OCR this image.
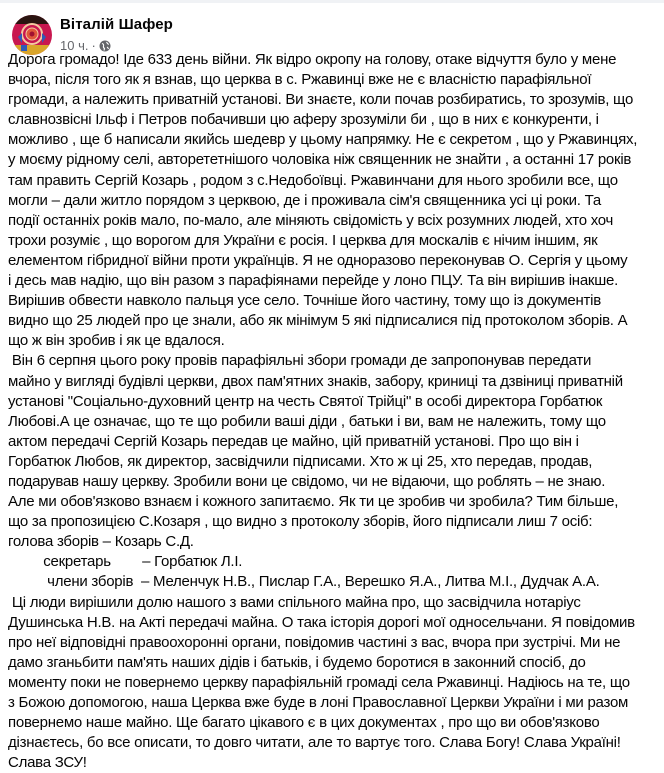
Віталій Шафер
10 ч. ·

Дорога громадо! Іде 633 день війни. Як відро окропу на голову, отаке відчуття було у мене

вчора, після того як я взнав, що церква в с. Ржавинці вже не є власністю парафіяльної

громади, а належить приватній установі. Ви знаєте, коли почав розбиратись, то зрозумів, що

славнозвісні Ільф і Петров побачивши цю аферу зрозуміли би , що в них є конкуренти, і

можливо , ще б написали якийсь шедевр у цьому напрямку. Не є секретом , що у Ржавинцях,

у моєму рідному селі, авторететнішого чоловіка ніж священник не знайти , а останні 17 років

там править Сергій Козарь , родом з с.Недобоївці. Ржавинчани для нього зробили все, що

могли – дали житло порядом з церквою, де і проживала сім'я священника усі ці роки. Та

події останніх років мало, по-мало, але міняють свідомість у всіх розумних людей, хто хоч

трохи розуміє , що ворогом для України є росія. І церква для москалів є нічим іншим, як

елементом гібридної війни проти українців. Я не одноразово переконував О. Сергія у цьому

і десь мав надію, що він разом з парафіянами перейде у лоно ПЦУ. Та він вирішив інакше.

Вирішив обвести навколо пальця усе село. Точніше його частину, тому що із документів

видно що 25 людей про це знали, або як мінімум 5 які підписалися під протоколом зборів. А

що ж він зробив і як це вдалося.

Він 6 серпня цього року провів парафіяльні збори громади де запропонував передати

майно у вигляді будівлі церкви, двох пам'ятних знаків, забору, криниці та дзвіниці приватній

установі "Соціально-духовний центр на честь Святої Трійці" в особі директора Горбатюк

Любові.А це означає, що те що робили ваші діди , батьки і ви, вам не належить, тому що

актом передачі Сергій Козарь передав це майно, цій приватній установі. Про що він і

Горбатюк Любов, як директор, засвідчили підписами. Хто ж ці 25, хто передав, продав,

подарував нашу церкву. Зробили вони це свідомо, чи не відаючи, що роблять – не знаю.

Але ми обов'язково взнаєм і кожного запитаємо. Як ти це зробив чи зробила? Тим більше,

що за пропозицією С.Козаря , що видно з протоколу зборів, його підписали лиш 7 осіб:

голова зборів – Козарь С.Д.

секретарь        – Горбатюк Л.І.

члени зборів  – Меленчук Н.В., Пислар Г.А., Верешко Я.А., Литва М.І., Дудчак А.А.

Ці люди вирішили долю нашого з вами спільного майна про, що засвідчила нотаріус

Душинська Н.В. на Акті передачі майна. О така історія дорогі мої односельчани. Я повідомив

про неї відповідні правоохоронні органи, повідомив частині з вас, вчора при зустрічі. Ми не

дамо зганьбити пам'ять наших дідів і батьків, і будемо боротися в законний спосіб, до

моменту поки не повернемо церкву парафіяльній громаді села Ржавинці. Надіюсь на те, що

з Божою допомогою, наша Церква вже буде в лоні Православної Церкви України і ми разом

повернемо наше майно. Ще багато цікавого є в цих документах , про що ви обов'язково

дізнаєтесь, бо все описати, то довго читати, але то вартує того. Слава Богу! Слава Україні!

Слава ЗСУ!
